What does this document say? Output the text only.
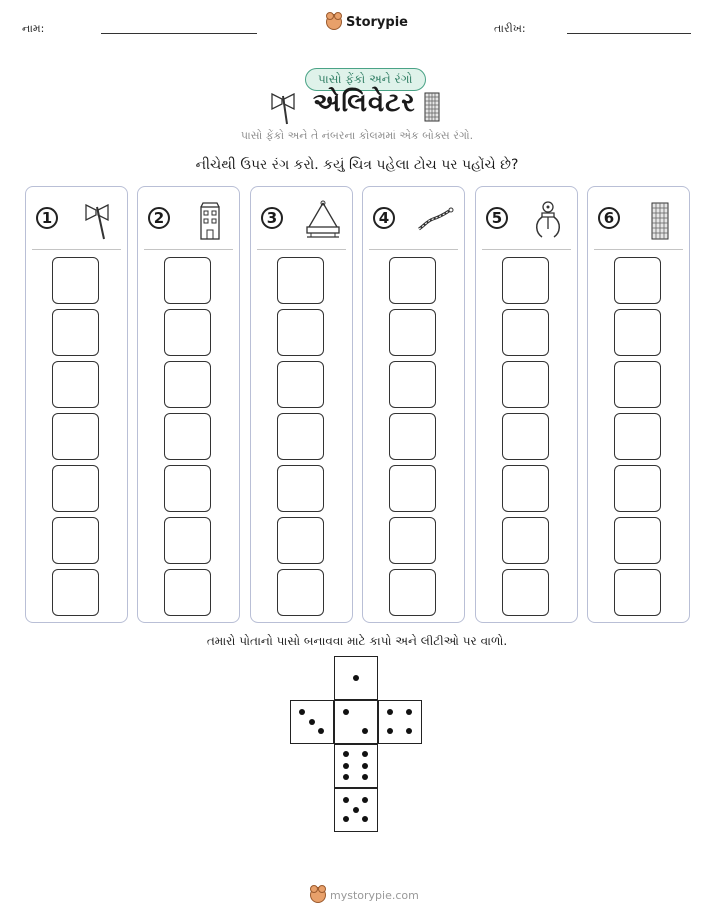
નામ:	Storypie	તારીખ:
પાસો ફેંકો અને રંગો
એલિવેટર
પાસો ફેંકો અને તે નંબરના કોલમમાં એક બોક્સ રંગો.
નીચેથી ઉપર રંગ કરો. કયું ચિત્ર પહેલા ટોચ પર પહોંચે છે?
1	2	3	4	5	6
તમારો પોતાનો પાસો બનાવવા માટે કાપો અને લીટીઓ પર વાળો.
mystorypie.com
